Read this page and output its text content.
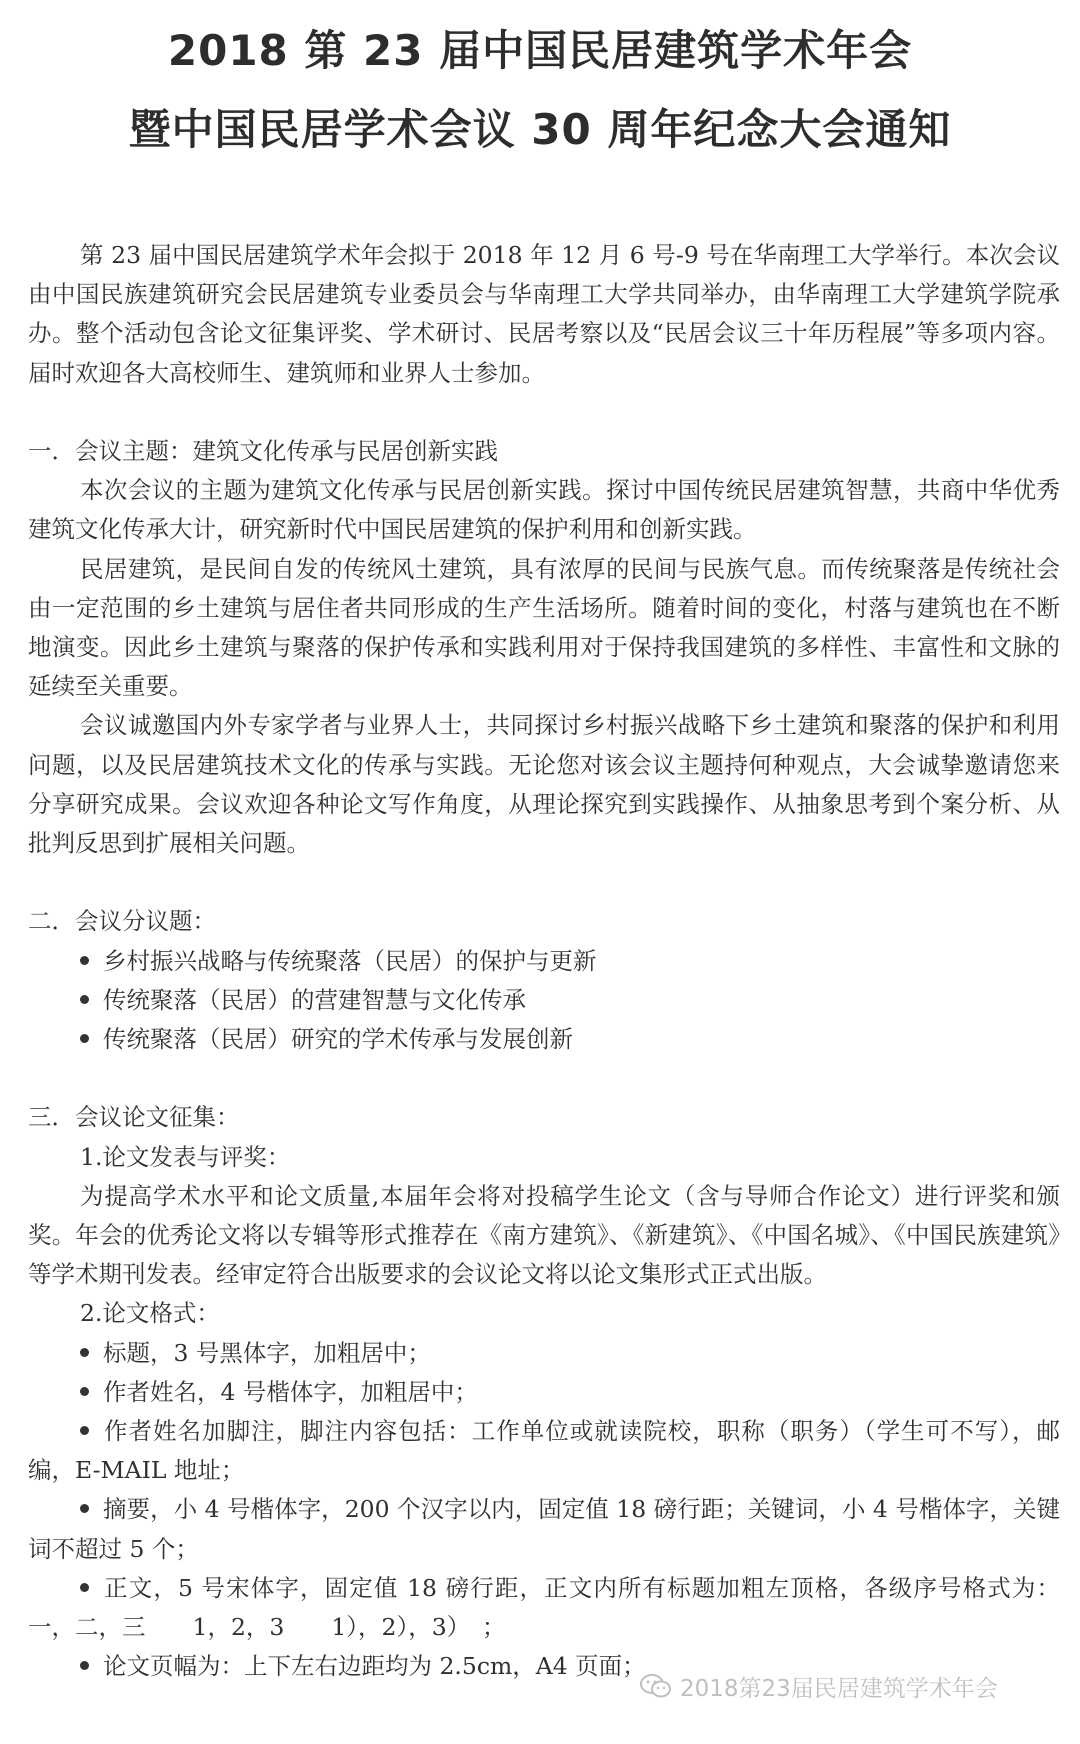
2018 第 23 届中国民居建筑学术年会
暨中国民居学术会议 30 周年纪念大会通知

第 23 届中国民居建筑学术年会拟于 2018 年 12 月 6 号-9 号在华南理工大学举行。本次会议由中国民族建筑研究会民居建筑专业委员会与华南理工大学共同举办，由华南理工大学建筑学院承办。整个活动包含论文征集评奖、学术研讨、民居考察以及“民居会议三十年历程展”等多项内容。届时欢迎各大高校师生、建筑师和业界人士参加。

一．会议主题：建筑文化传承与民居创新实践

本次会议的主题为建筑文化传承与民居创新实践。探讨中国传统民居建筑智慧，共商中华优秀建筑文化传承大计，研究新时代中国民居建筑的保护利用和创新实践。

民居建筑，是民间自发的传统风土建筑，具有浓厚的民间与民族气息。而传统聚落是传统社会由一定范围的乡土建筑与居住者共同形成的生产生活场所。随着时间的变化，村落与建筑也在不断地演变。因此乡土建筑与聚落的保护传承和实践利用对于保持我国建筑的多样性、丰富性和文脉的延续至关重要。

会议诚邀国内外专家学者与业界人士，共同探讨乡村振兴战略下乡土建筑和聚落的保护和利用问题，以及民居建筑技术文化的传承与实践。无论您对该会议主题持何种观点，大会诚挚邀请您来分享研究成果。会议欢迎各种论文写作角度，从理论探究到实践操作、从抽象思考到个案分析、从批判反思到扩展相关问题。

二．会议分议题：

乡村振兴战略与传统聚落（民居）的保护与更新

传统聚落（民居）的营建智慧与文化传承

传统聚落（民居）研究的学术传承与发展创新

三．会议论文征集：

1.论文发表与评奖：

为提高学术水平和论文质量,本届年会将对投稿学生论文（含与导师合作论文）进行评奖和颁奖。年会的优秀论文将以专辑等形式推荐在《南方建筑》、《新建筑》、《中国名城》、《中国民族建筑》等学术期刊发表。经审定符合出版要求的会议论文将以论文集形式正式出版。

2.论文格式：

标题，3 号黑体字，加粗居中；

作者姓名，4 号楷体字，加粗居中；

作者姓名加脚注，脚注内容包括：工作单位或就读院校，职称（职务）（学生可不写），邮编，E-MAIL 地址；

摘要，小 4 号楷体字，200 个汉字以内，固定值 18 磅行距；关键词，小 4 号楷体字，关键词不超过 5 个；

正文，5 号宋体字，固定值 18 磅行距，正文内所有标题加粗左顶格，各级序号格式为：一，二，三　　1，2，3　　1），2），3）　；

论文页幅为：上下左右边距均为 2.5cm，A4 页面；

2018第23届民居建筑学术年会
